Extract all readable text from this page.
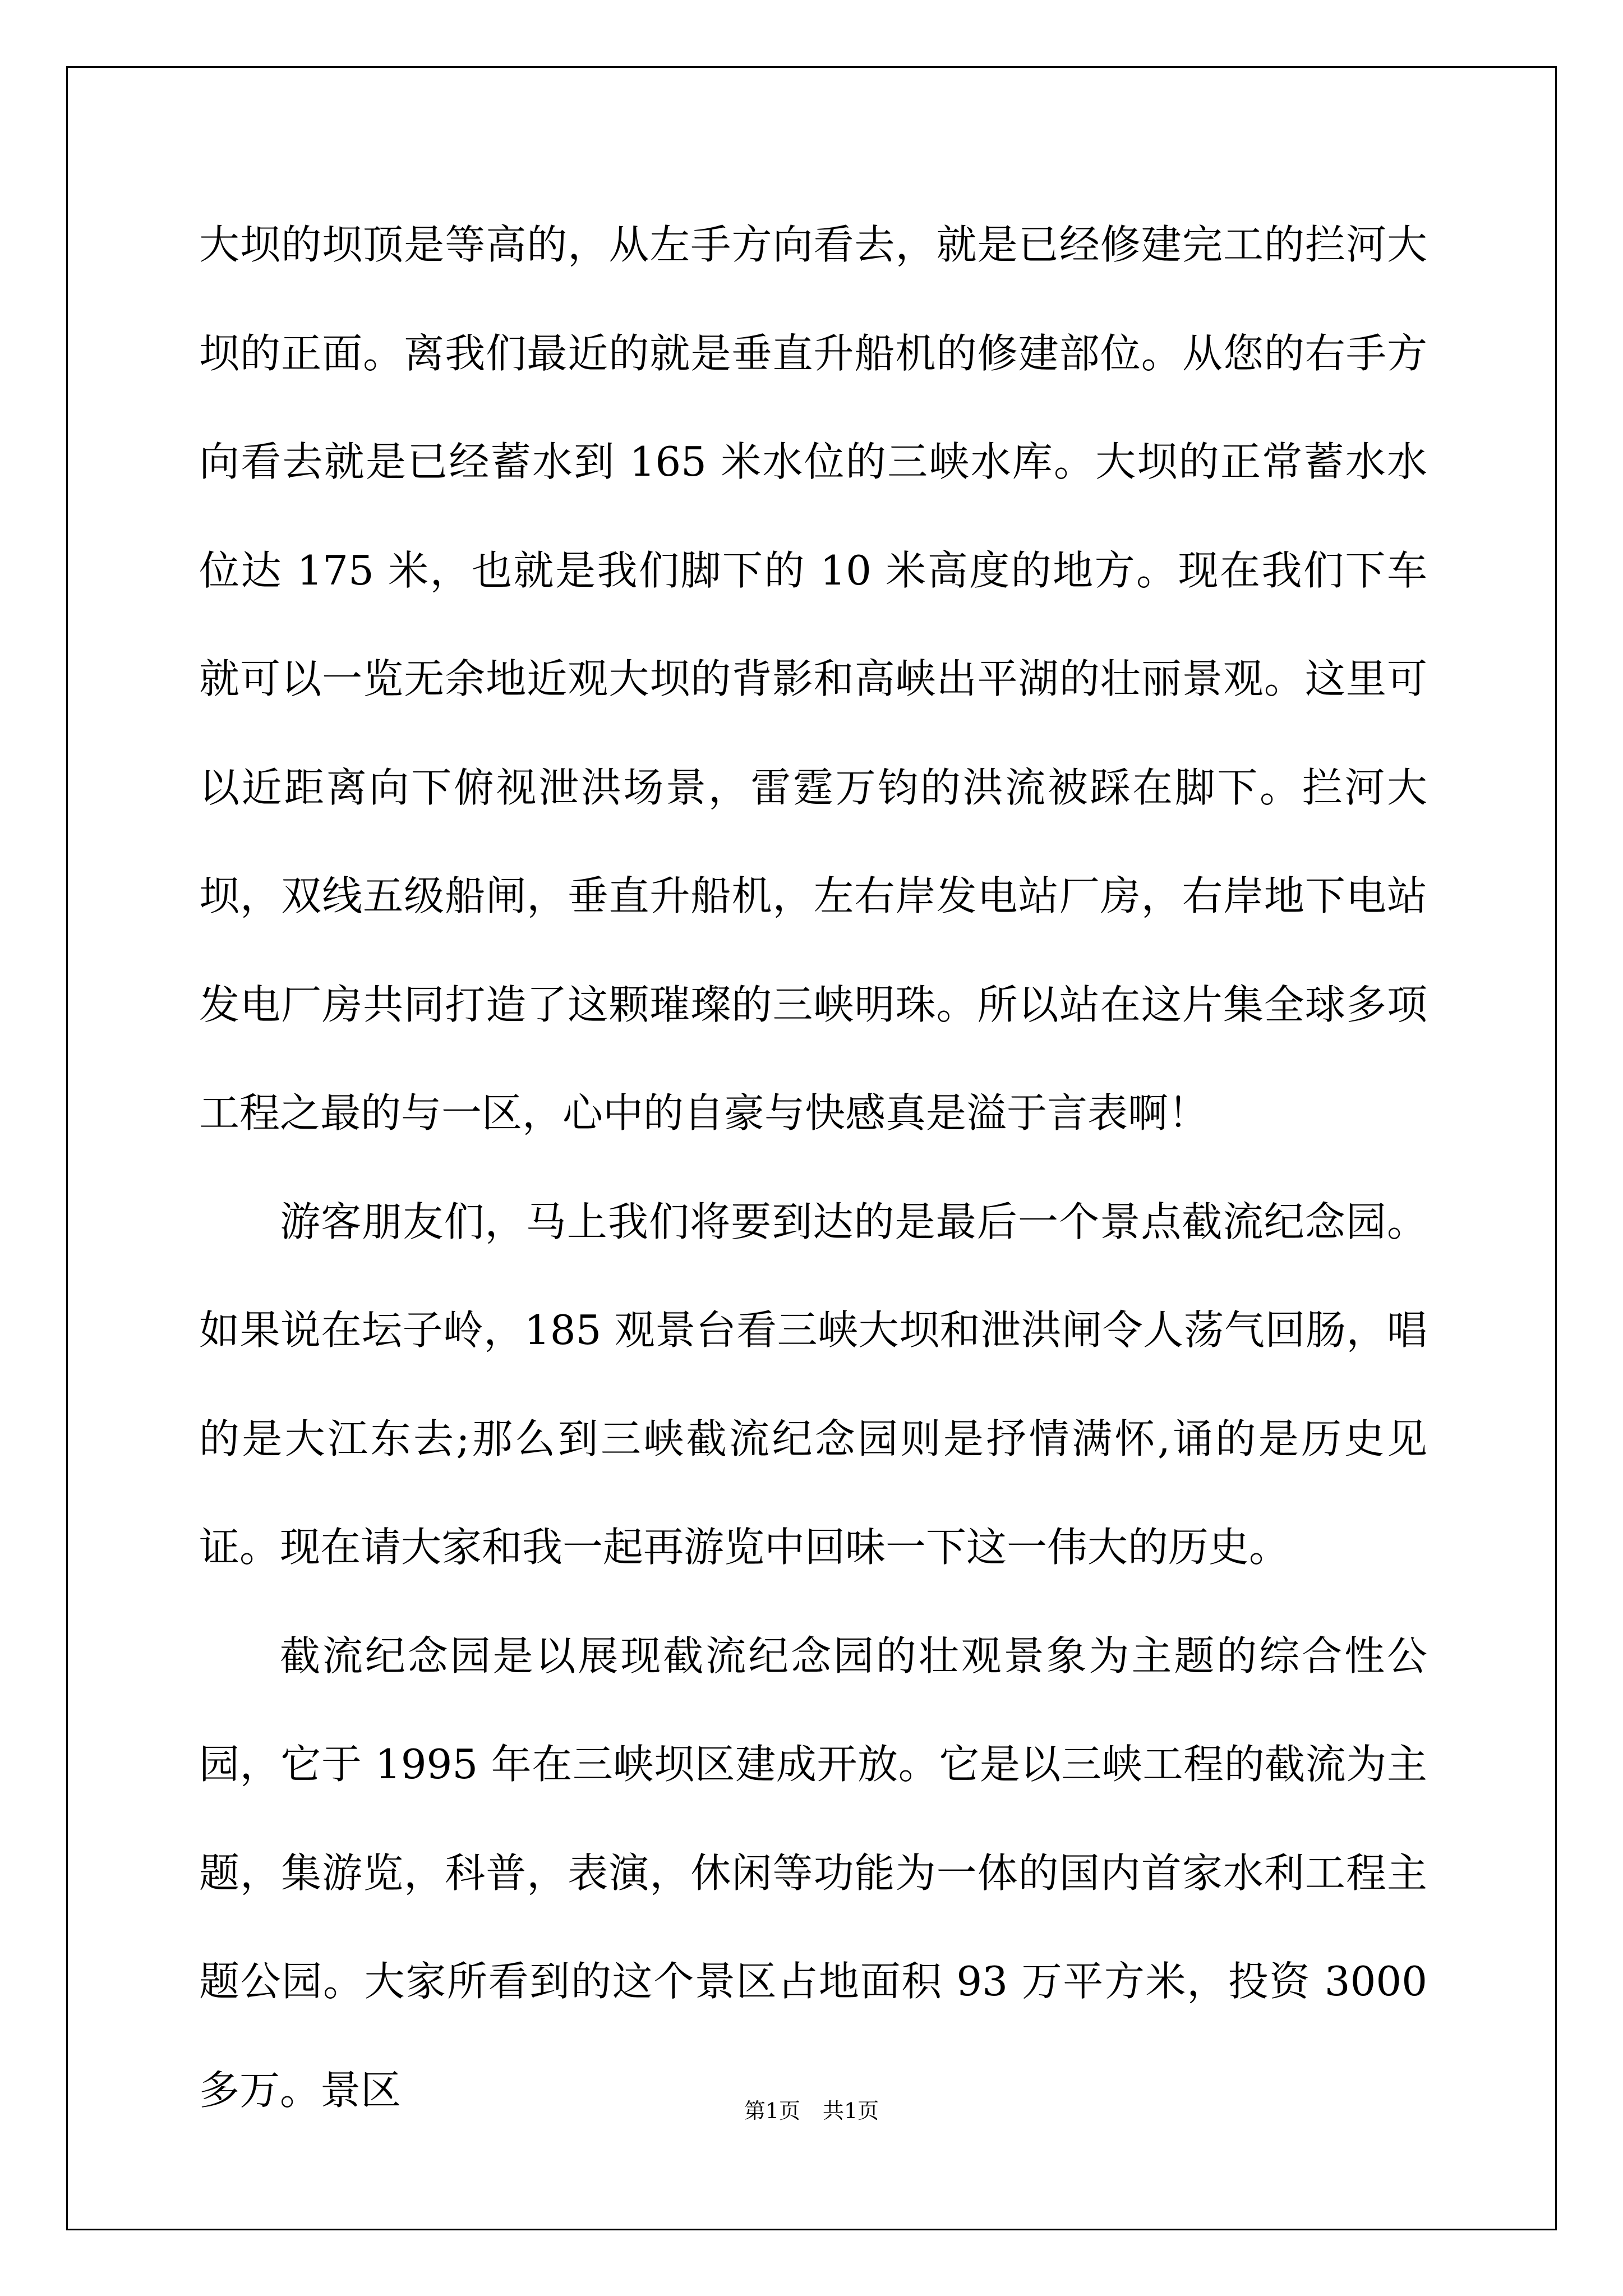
大坝的坝顶是等高的，从左手方向看去，就是已经修建完工的拦河大坝的正面。离我们最近的就是垂直升船机的修建部位。从您的右手方向看去就是已经蓄水到 165 米水位的三峡水库。大坝的正常蓄水水位达 175 米，也就是我们脚下的 10 米高度的地方。现在我们下车就可以一览无余地近观大坝的背影和高峡出平湖的壮丽景观。这里可以近距离向下俯视泄洪场景，雷霆万钧的洪流被踩在脚下。拦河大坝，双线五级船闸，垂直升船机，左右岸发电站厂房，右岸地下电站发电厂房共同打造了这颗璀璨的三峡明珠。所以站在这片集全球多项工程之最的与一区，心中的自豪与快感真是溢于言表啊！

游客朋友们，马上我们将要到达的是最后一个景点截流纪念园。如果说在坛子岭，185 观景台看三峡大坝和泄洪闸令人荡气回肠，唱的是大江东去;那么到三峡截流纪念园则是抒情满怀,诵的是历史见证。现在请大家和我一起再游览中回味一下这一伟大的历史。

截流纪念园是以展现截流纪念园的壮观景象为主题的综合性公园，它于 1995 年在三峡坝区建成开放。它是以三峡工程的截流为主题，集游览，科普，表演，休闲等功能为一体的国内首家水利工程主题公园。大家所看到的这个景区占地面积 93 万平方米，投资 3000 多万。景区	第1页 共1页
